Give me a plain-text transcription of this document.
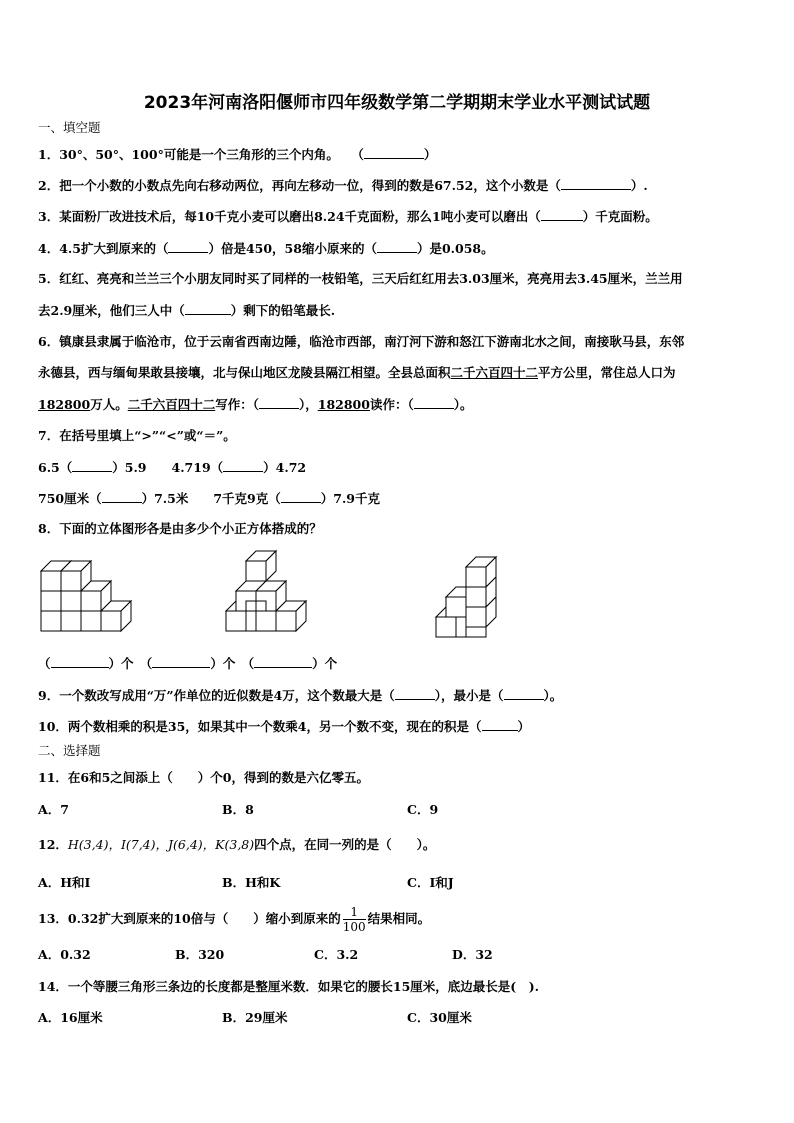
2023年河南洛阳偃师市四年级数学第二学期期末学业水平测试试题
一、填空题
1．30°、50°、100°可能是一个三角形的三个内角。　　（	）
2．把一个小数的小数点先向右移动两位，再向左移动一位，得到的数是67.52，这个小数是（	）.
3．某面粉厂改进技术后，每10千克小麦可以磨出8.24千克面粉，那么1吨小麦可以磨出（	）千克面粉。
4．4.5扩大到原来的（	）倍是450，58缩小原来的（	）是0.058。
5．红红、亮亮和兰兰三个小朋友同时买了同样的一枝铅笔，三天后红红用去3.03厘米，亮亮用去3.45厘米，兰兰用
去2.9厘米，他们三人中（	）剩下的铅笔最长.
6．镇康县隶属于临沧市，位于云南省西南边陲，临沧市西部，南汀河下游和怒江下游南北水之间，南接耿马县，东邻
永德县，西与缅甸果敢县接壤，北与保山地区龙陵县隔江相望。全县总面积二千六百四十二平方公里，常住总人口为
182800万人。二千六百四十二写作：（	），182800读作：（	）。
7．在括号里填上“>”“<”或“＝”。
6.5（	）5.9　　4.719（	）4.72
750厘米（	）7.5米　　7千克9克（	）7.9千克
8．下面的立体图形各是由多少个小正方体搭成的？
（	）个　 （	）个　 （	）个
9．一个数改写成用“万”作单位的近似数是4万，这个数最大是（	），最小是（	）。
10．两个数相乘的积是35，如果其中一个数乘4，另一个数不变，现在的积是（	）
二、选择题
11．在6和5之间添上（　　）个0，得到的数是六亿零五。
A．7	B．8	C．9
12．H(3,4)，I(7,4)，J(6,4)，K(3,8)四个点，在同一列的是（　　）。
A．H和I	B．H和K	C．I和J
13．0.32扩大到原来的10倍与（　　）缩小到原来的 $\frac{1}{100}$ 结果相同。
A．0.32	B．320	C．3.2	D．32
14．一个等腰三角形三条边的长度都是整厘米数．如果它的腰长15厘米，底边最长是(　).
A．16厘米	B．29厘米	C．30厘米
